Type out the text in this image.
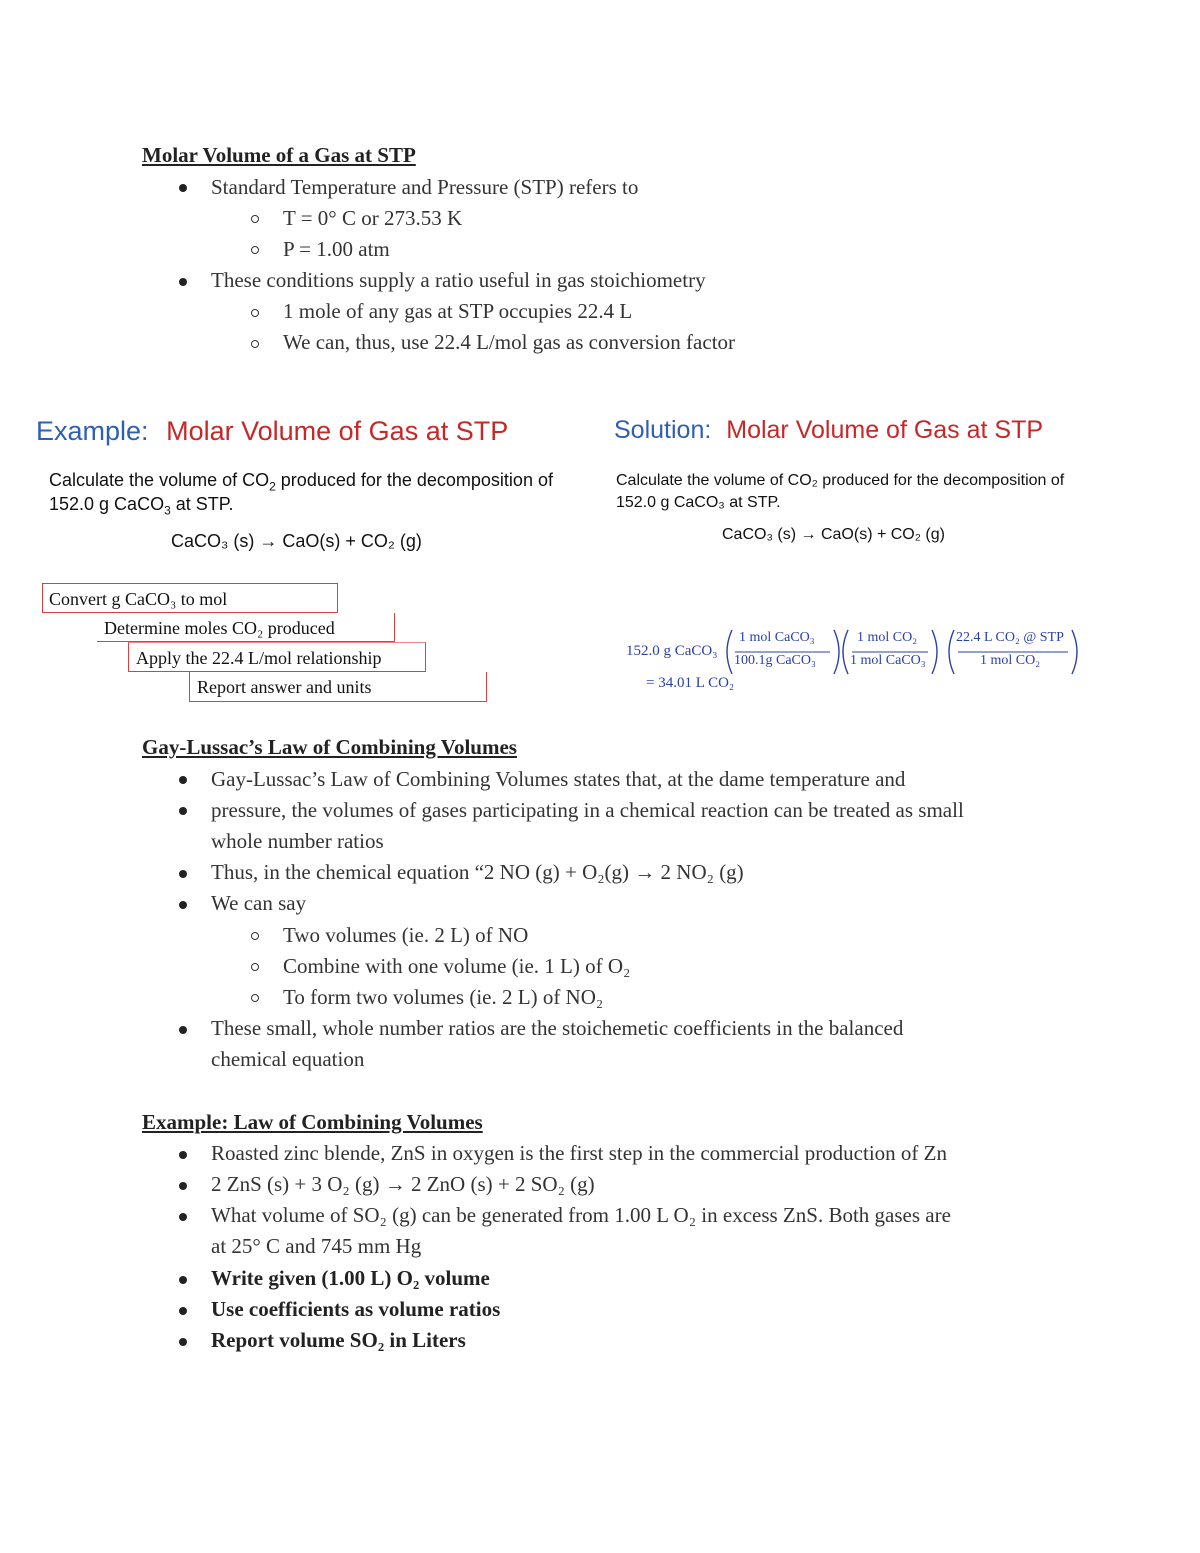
Molar Volume of a Gas at STP
Standard Temperature and Pressure (STP) refers to
T = 0° C or 273.53 K
P = 1.00 atm
These conditions supply a ratio useful in gas stoichiometry
1 mole of any gas at STP occupies 22.4 L
We can, thus, use 22.4 L/mol gas as conversion factor
Example: Molar Volume of Gas at STP
Calculate the volume of $CO_2$ produced for the decomposition of
152.0 g CaCO$_3$ at STP.
CaCO₃ (s) → CaO(s) + CO₂ (g)
Convert g CaCO₃ to mol
Determine moles CO₂ produced
Apply the 22.4 L/mol relationship
Report answer and units
Solution: Molar Volume of Gas at STP
Calculate the volume of CO₂ produced for the decomposition of
152.0 g CaCO₃ at STP.
CaCO₃ (s) → CaO(s) + CO₂ (g)
152.0 g CaCO₃
1 mol CaCO₃
100.1g CaCO₃
1 mol CO₂
1 mol CaCO₃
22.4 L CO₂ @ STP
1 mol CO₂
= 34.01 L CO₂
Gay-Lussac’s Law of Combining Volumes
Gay-Lussac’s Law of Combining Volumes states that, at the dame temperature and
pressure, the volumes of gases participating in a chemical reaction can be treated as small
whole number ratios
Thus, in the chemical equation “2 NO (g) + O₂(g) → 2 NO₂ (g)
We can say
Two volumes (ie. 2 L) of NO
Combine with one volume (ie. 1 L) of O₂
To form two volumes (ie. 2 L) of NO₂
These small, whole number ratios are the stoichemetic coefficients in the balanced
chemical equation
Example: Law of Combining Volumes
Roasted zinc blende, ZnS in oxygen is the first step in the commercial production of Zn
2 ZnS (s) + 3 O₂ (g) → 2 ZnO (s) + 2 SO₂ (g)
What volume of SO₂ (g) can be generated from 1.00 L O₂ in excess ZnS. Both gases are
at 25° C and 745 mm Hg
Write given (1.00 L) O₂ volume
Use coefficients as volume ratios
Report volume SO₂ in Liters
